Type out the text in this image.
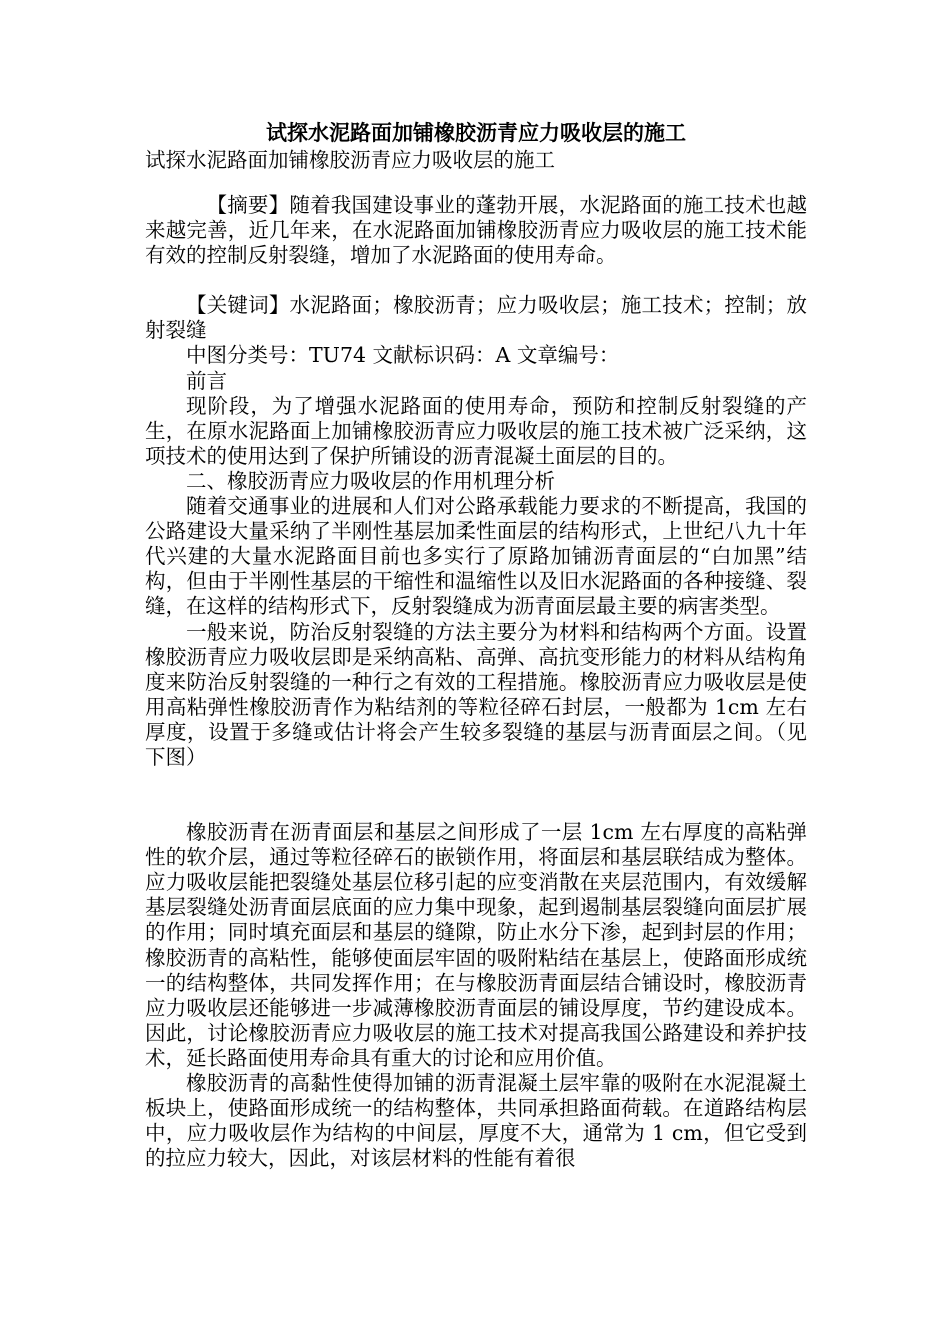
试探水泥路面加铺橡胶沥青应力吸收层的施工
试探水泥路面加铺橡胶沥青应力吸收层的施工

【摘要】随着我国建设事业的蓬勃开展，水泥路面的施工技术也越来越完善，近几年来，在水泥路面加铺橡胶沥青应力吸收层的施工技术能有效的控制反射裂缝，增加了水泥路面的使用寿命。

【关键词】水泥路面；橡胶沥青；应力吸收层；施工技术；控制；放射裂缝

中图分类号：TU74 文献标识码：A 文章编号：

前言

现阶段，为了增强水泥路面的使用寿命，预防和控制反射裂缝的产生，在原水泥路面上加铺橡胶沥青应力吸收层的施工技术被广泛采纳，这项技术的使用达到了保护所铺设的沥青混凝土面层的目的。

二、橡胶沥青应力吸收层的作用机理分析

随着交通事业的进展和人们对公路承载能力要求的不断提高，我国的公路建设大量采纳了半刚性基层加柔性面层的结构形式，上世纪八九十年代兴建的大量水泥路面目前也多实行了原路加铺沥青面层的“白加黑”结构，但由于半刚性基层的干缩性和温缩性以及旧水泥路面的各种接缝、裂缝，在这样的结构形式下，反射裂缝成为沥青面层最主要的病害类型。

一般来说，防治反射裂缝的方法主要分为材料和结构两个方面。设置橡胶沥青应力吸收层即是采纳高粘、高弹、高抗变形能力的材料从结构角度来防治反射裂缝的一种行之有效的工程措施。橡胶沥青应力吸收层是使用高粘弹性橡胶沥青作为粘结剂的等粒径碎石封层，一般都为 1cm 左右厚度，设置于多缝或估计将会产生较多裂缝的基层与沥青面层之间。（见下图）

橡胶沥青在沥青面层和基层之间形成了一层 1cm 左右厚度的高粘弹性的软介层，通过等粒径碎石的嵌锁作用，将面层和基层联结成为整体。应力吸收层能把裂缝处基层位移引起的应变消散在夹层范围内，有效缓解基层裂缝处沥青面层底面的应力集中现象，起到遏制基层裂缝向面层扩展的作用；同时填充面层和基层的缝隙，防止水分下渗，起到封层的作用；橡胶沥青的高粘性，能够使面层牢固的吸附粘结在基层上，使路面形成统一的结构整体，共同发挥作用；在与橡胶沥青面层结合铺设时，橡胶沥青应力吸收层还能够进一步减薄橡胶沥青面层的铺设厚度，节约建设成本。因此，讨论橡胶沥青应力吸收层的施工技术对提高我国公路建设和养护技术，延长路面使用寿命具有重大的讨论和应用价值。

橡胶沥青的高黏性使得加铺的沥青混凝土层牢靠的吸附在水泥混凝土板块上，使路面形成统一的结构整体，共同承担路面荷载。在道路结构层中，应力吸收层作为结构的中间层，厚度不大，通常为 1 cm，但它受到的拉应力较大，因此，对该层材料的性能有着很
